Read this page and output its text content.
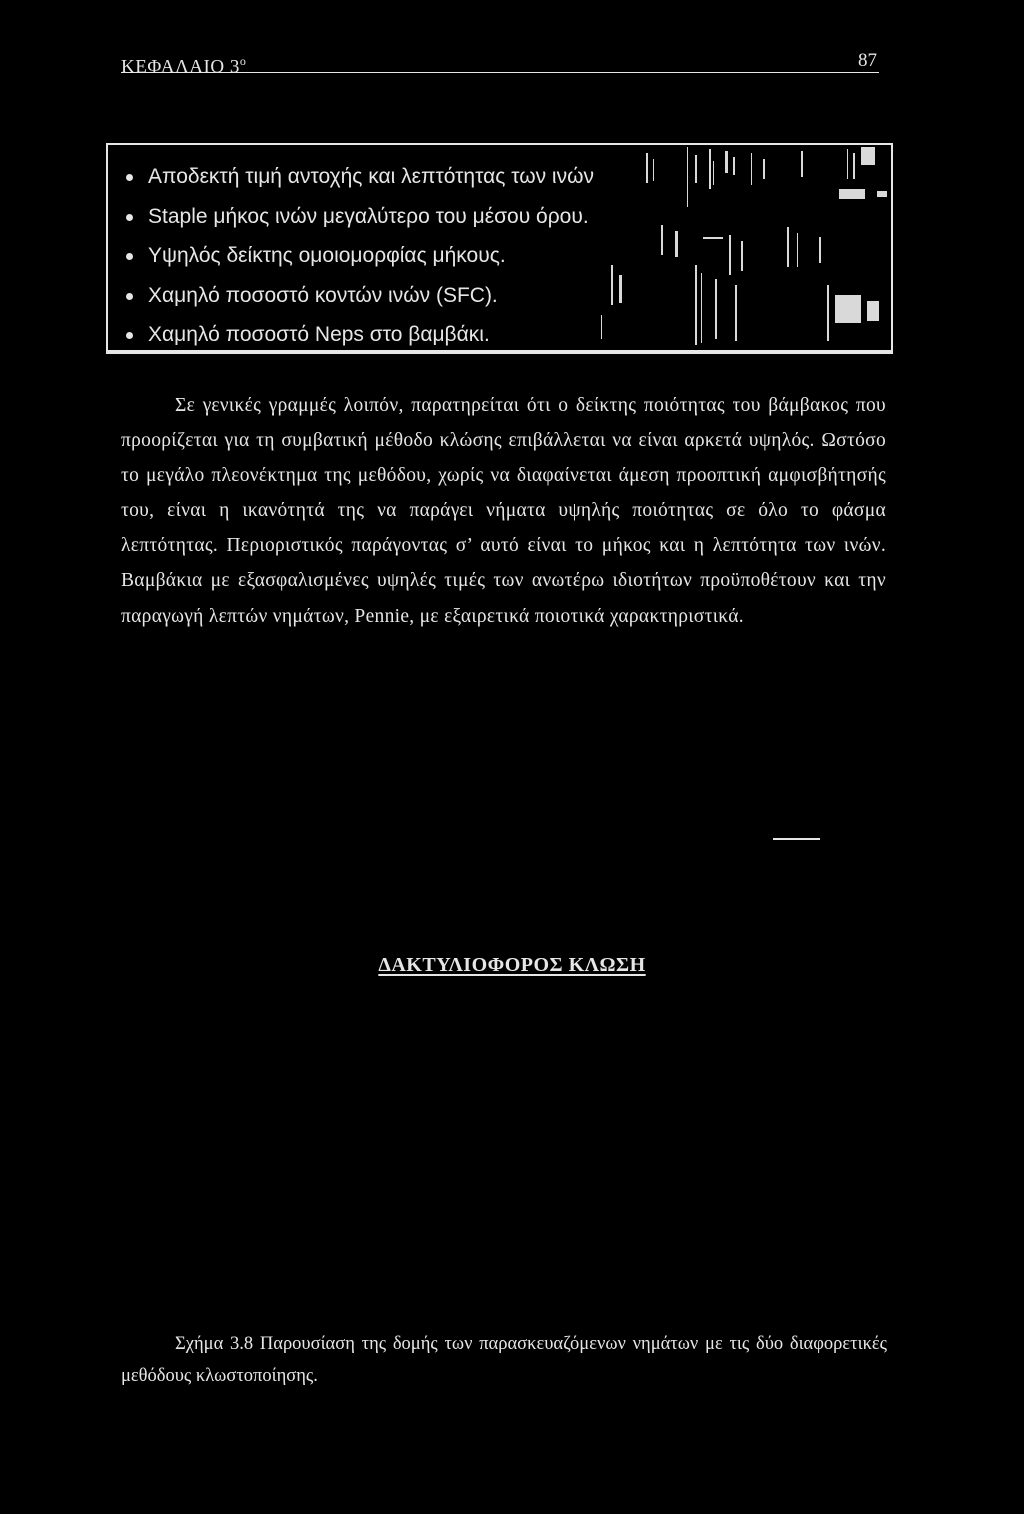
ΚΕΦΑΛΑΙΟ $3^o$	87
Αποδεκτή τιμή αντοχής και λεπτότητας των ινών
Staple μήκος ινών μεγαλύτερο του μέσου όρου.
Υψηλός δείκτης ομοιομορφίας μήκους.
Χαμηλό ποσοστό κοντών ινών (SFC).
Χαμηλό ποσοστό Neps στο βαμβάκι.

Σε γενικές γραμμές λοιπόν, παρατηρείται ότι ο δείκτης ποιότητας του βάμβακος που προορίζεται για τη συμβατική μέθοδο κλώσης επιβάλλεται να είναι αρκετά υψηλός. Ωστόσο το μεγάλο πλεονέκτημα της μεθόδου, χωρίς να διαφαίνεται άμεση προοπτική αμφισβήτησής του, είναι η ικανότητά της να παράγει νήματα υψηλής ποιότητας σε όλο το φάσμα λεπτότητας. Περιοριστικός παράγοντας σ’ αυτό είναι το μήκος και η λεπτότητα των ινών. Βαμβάκια με εξασφαλισμένες υψηλές τιμές των ανωτέρω ιδιοτήτων προϋποθέτουν και την παραγωγή λεπτών νημάτων, Pennie, με εξαιρετικά ποιοτικά χαρακτηριστικά.

ΔΑΚΤΥΛΙΟΦΟΡΟΣ ΚΛΩΣΗ

Σχήμα 3.8 Παρουσίαση της δομής των παρασκευαζόμενων νημάτων με τις δύο διαφορετικές μεθόδους κλωστοποίησης.
